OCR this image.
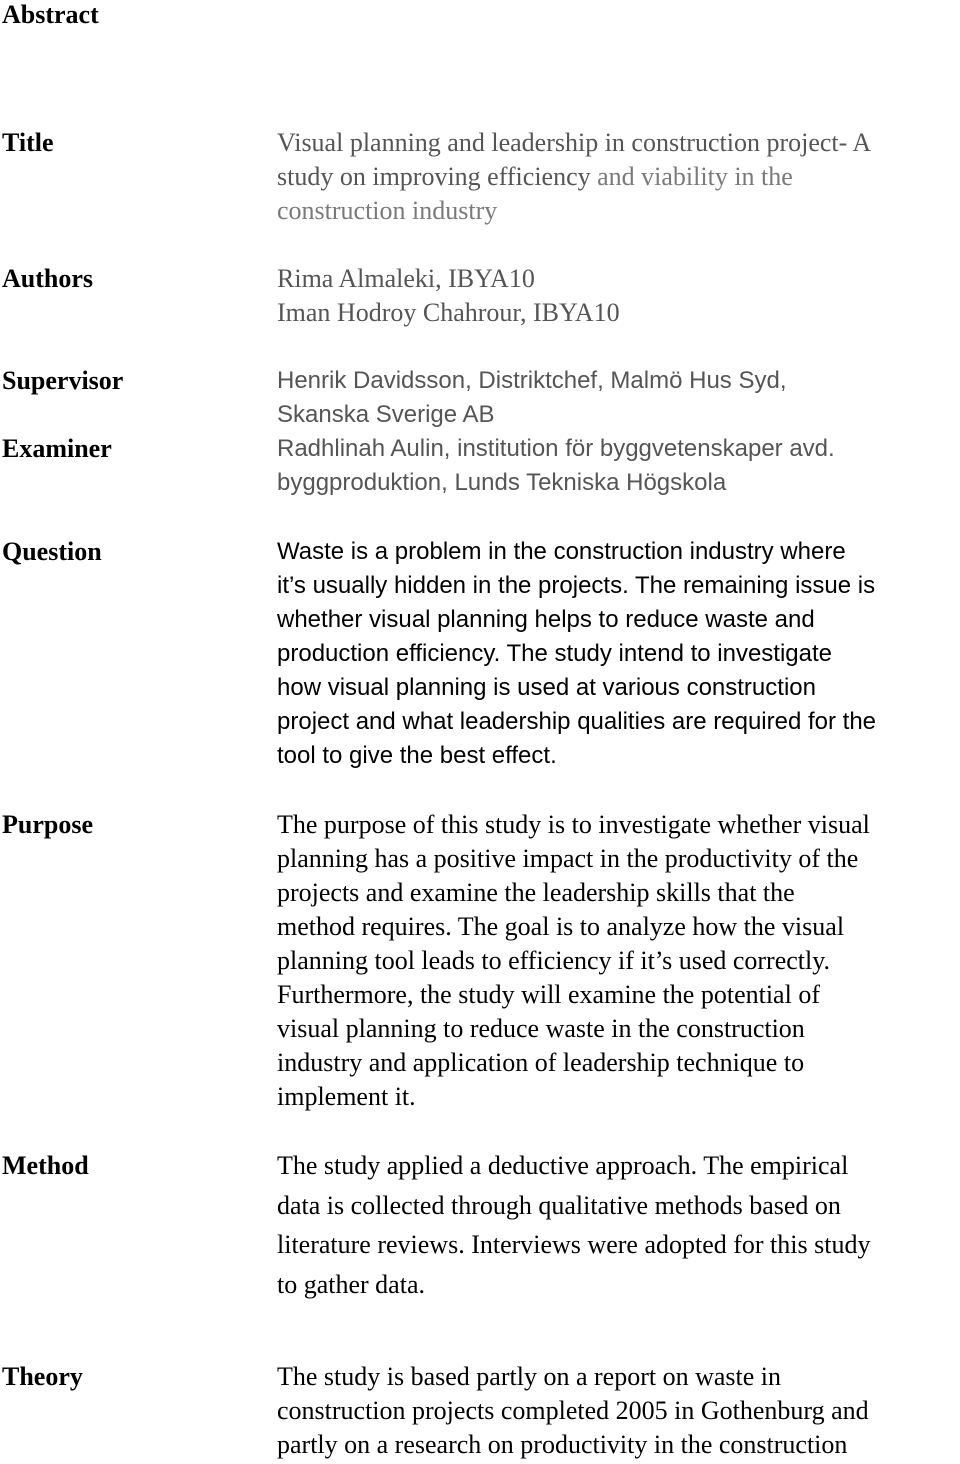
Abstract
Title	Visual planning and leadership in construction project- A
study on improving efficiency and viability in the
construction industry
Authors	Rima Almaleki, IBYA10
Iman Hodroy Chahrour, IBYA10
Supervisor	Henrik Davidsson, Distriktchef, Malmö Hus Syd,
Skanska Sverige AB
Examiner	Radhlinah Aulin, institution för byggvetenskaper avd.
byggproduktion, Lunds Tekniska Högskola
Question	Waste is a problem in the construction industry where
it’s usually hidden in the projects. The remaining issue is
whether visual planning helps to reduce waste and
production efficiency. The study intend to investigate
how visual planning is used at various construction
project and what leadership qualities are required for the
tool to give the best effect.
Purpose	The purpose of this study is to investigate whether visual
planning has a positive impact in the productivity of the
projects and examine the leadership skills that the
method requires. The goal is to analyze how the visual
planning tool leads to efficiency if it’s used correctly.
Furthermore, the study will examine the potential of
visual planning to reduce waste in the construction
industry and application of leadership technique to
implement it.
Method	The study applied a deductive approach. The empirical
data is collected through qualitative methods based on
literature reviews. Interviews were adopted for this study
to gather data.
Theory	The study is based partly on a report on waste in
construction projects completed 2005 in Gothenburg and
partly on a research on productivity in the construction
